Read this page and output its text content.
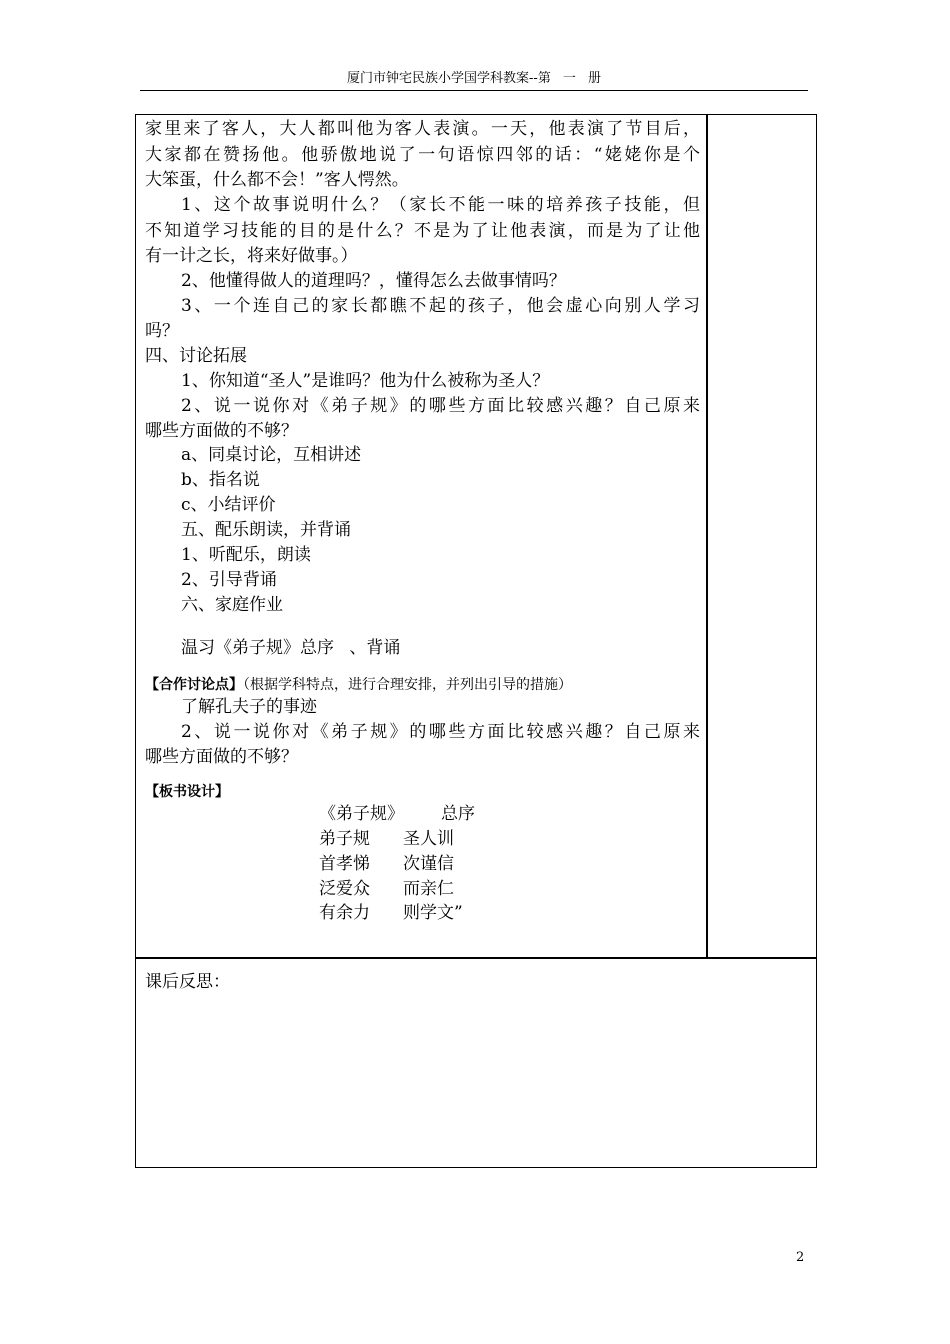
厦门市钟宅民族小学国学科教案--第 一 册
家里来了客人，大人都叫他为客人表演。一天，他表演了节目后，
大家都在赞扬他。他骄傲地说了一句语惊四邻的话：“姥姥你是个
大笨蛋，什么都不会！”客人愕然。
1、这个故事说明什么？（家长不能一味的培养孩子技能，但
不知道学习技能的目的是什么？不是为了让他表演，而是为了让他
有一计之长，将来好做事。）
2、他懂得做人的道理吗？，懂得怎么去做事情吗？
3、一个连自己的家长都瞧不起的孩子，他会虚心向别人学习
吗？
四、讨论拓展
1、你知道“圣人”是谁吗？他为什么被称为圣人？
2、说一说你对《弟子规》的哪些方面比较感兴趣？自己原来
哪些方面做的不够？
a、同桌讨论，互相讲述
b、指名说
c、小结评价
五、配乐朗读，并背诵
1、听配乐，朗读
2、引导背诵
六、家庭作业
温习《弟子规》总序 、背诵
【合作讨论点】（根据学科特点，进行合理安排，并列出引导的措施）
了解孔夫子的事迹
2、说一说你对《弟子规》的哪些方面比较感兴趣？自己原来
哪些方面做的不够？
【板书设计】
《弟子规》 总序
弟子规 圣人训
首孝悌 次谨信
泛爱众 而亲仁
有余力 则学文”
课后反思：
2
